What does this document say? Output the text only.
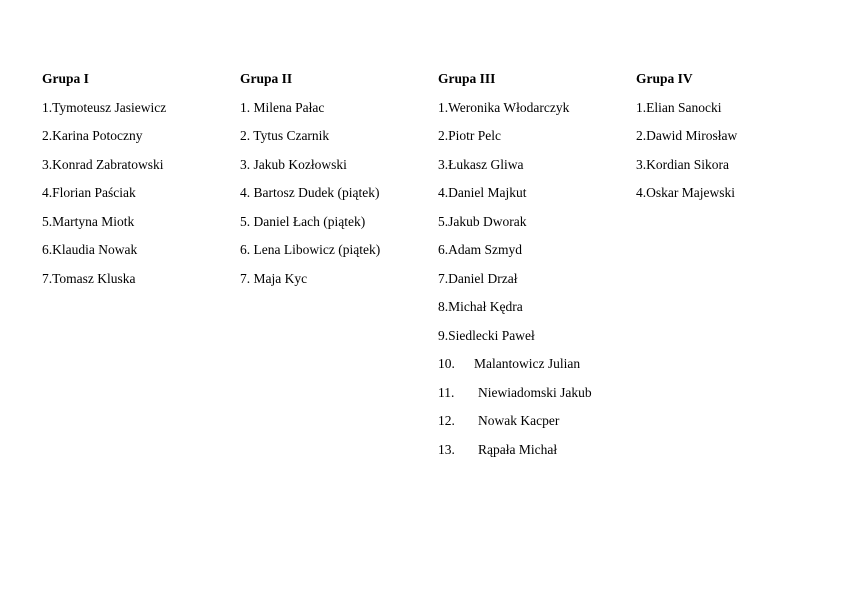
Grupa I
1.Tymoteusz Jasiewicz
2.Karina Potoczny
3.Konrad Zabratowski
4.Florian Paściak
5.Martyna Miotk
6.Klaudia Nowak
7.Tomasz Kluska
Grupa II
1. Milena Pałac
2. Tytus Czarnik
3. Jakub Kozłowski
4. Bartosz Dudek (piątek)
5. Daniel Łach (piątek)
6. Lena Libowicz (piątek)
7. Maja Kyc
Grupa III
1.Weronika Włodarczyk
2.Piotr Pelc
3.Łukasz Gliwa
4.Daniel Majkut
5.Jakub Dworak
6.Adam Szmyd
7.Daniel Drzał
8.Michał Kędra
9.Siedlecki Paweł
10. Malantowicz Julian
11. Niewiadomski Jakub
12. Nowak Kacper
13. Rąpała Michał
Grupa IV
1.Elian Sanocki
2.Dawid Mirosław
3.Kordian Sikora
4.Oskar Majewski
